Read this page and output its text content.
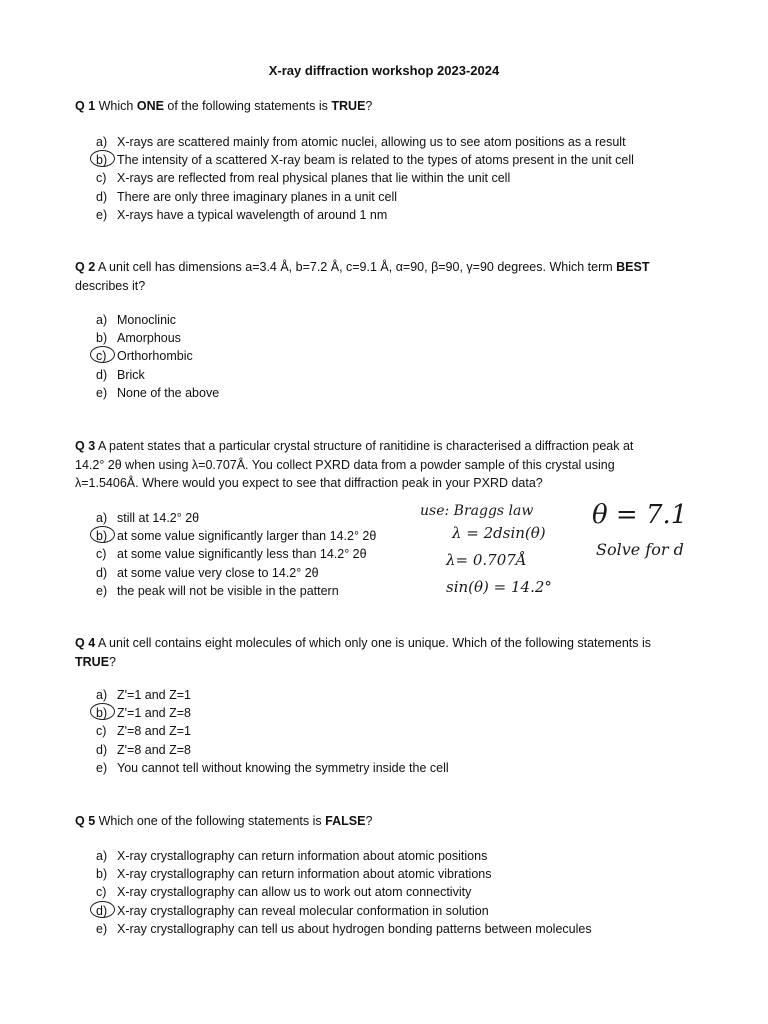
X-ray diffraction workshop 2023-2024
Q 1 Which ONE of the following statements is TRUE?
a) X-rays are scattered mainly from atomic nuclei, allowing us to see atom positions as a result
b) The intensity of a scattered X-ray beam is related to the types of atoms present in the unit cell
c) X-rays are reflected from real physical planes that lie within the unit cell
d) There are only three imaginary planes in a unit cell
e) X-rays have a typical wavelength of around 1 nm
Q 2 A unit cell has dimensions a=3.4 Å, b=7.2 Å, c=9.1 Å, α=90, β=90, γ=90 degrees. Which term BEST describes it?
a) Monoclinic
b) Amorphous
c) Orthorhombic
d) Brick
e) None of the above
Q 3 A patent states that a particular crystal structure of ranitidine is characterised a diffraction peak at
14.2° 2θ when using λ=0.707Å. You collect PXRD data from a powder sample of this crystal using
λ=1.5406Å. Where would you expect to see that diffraction peak in your PXRD data?
a) still at 14.2° 2θ
b) at some value significantly larger than 14.2° 2θ
c) at some value significantly less than 14.2° 2θ
d) at some value very close to 14.2° 2θ
e) the peak will not be visible in the pattern
Q 4 A unit cell contains eight molecules of which only one is unique. Which of the following statements is
TRUE?
a) Z'=1 and Z=1
b) Z'=1 and Z=8
c) Z'=8 and Z=1
d) Z'=8 and Z=8
e) You cannot tell without knowing the symmetry inside the cell
Q 5 Which one of the following statements is FALSE?
a) X-ray crystallography can return information about atomic positions
b) X-ray crystallography can return information about atomic vibrations
c) X-ray crystallography can allow us to work out atom connectivity
d) X-ray crystallography can reveal molecular conformation in solution
e) X-ray crystallography can tell us about hydrogen bonding patterns between molecules
use: Braggs law
λ = 2dsin(θ)
λ= 0.707Å
sin(θ) = 14.2°
θ = 7.1
Solve for d
